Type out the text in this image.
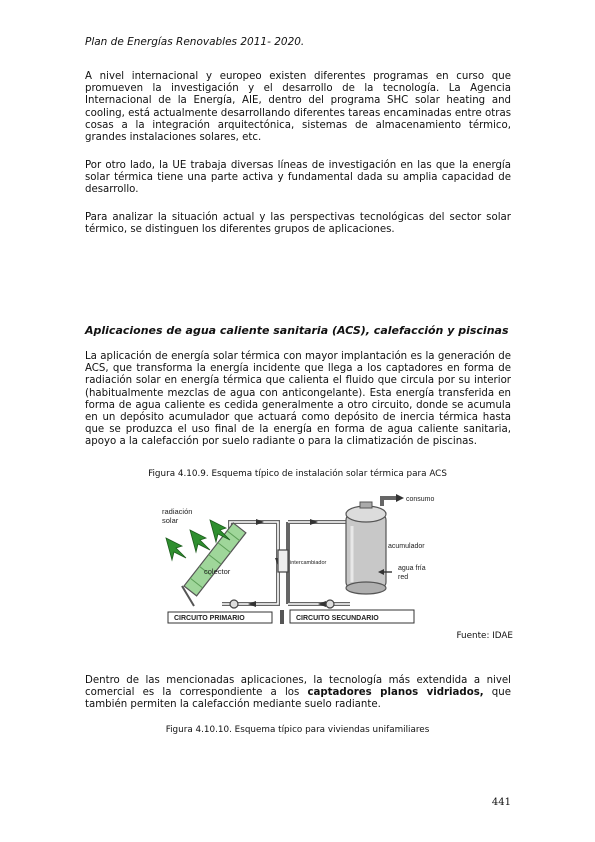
Plan de Energías Renovables 2011- 2020.

A nivel internacional y europeo existen diferentes programas en curso que promueven la investigación y el desarrollo de la tecnología. La Agencia Internacional de la Energía, AIE, dentro del programa SHC solar heating and cooling, está actualmente desarrollando diferentes tareas encaminadas entre otras cosas a la integración arquitectónica, sistemas de almacenamiento térmico, grandes instalaciones solares, etc.

Por otro lado, la UE trabaja diversas líneas de investigación en las que la energía solar térmica tiene una parte activa y fundamental dada su amplia capacidad de desarrollo.

Para analizar la situación actual y las perspectivas tecnológicas del sector solar térmico, se distinguen los diferentes grupos de aplicaciones.

Aplicaciones de agua caliente sanitaria (ACS), calefacción y piscinas

La aplicación de energía solar térmica con mayor implantación es la generación de ACS, que transforma la energía incidente que llega a los captadores en forma de radiación solar en energía térmica que calienta el fluido que circula por su interior (habitualmente mezclas de agua con anticongelante). Esta energía transferida en forma de agua caliente es cedida generalmente a otro circuito, donde se acumula en un depósito acumulador que actuará como depósito de inercia térmica hasta que se produzca el uso final de la energía en forma de agua caliente sanitaria, apoyo a la calefacción por suelo radiante o para la climatización de piscinas.

Figura 4.10.9. Esquema típico de instalación solar térmica para ACS
radiación
solar
colector
intercambiador
consumo
acumulador
agua fría
red
CIRCUITO PRIMARIO	CIRCUITO SECUNDARIO
Fuente: IDAE

Dentro de las mencionadas aplicaciones, la tecnología más extendida a nivel comercial es la correspondiente a los captadores planos vidriados, que también permiten la calefacción mediante suelo radiante.

Figura 4.10.10. Esquema típico para viviendas unifamiliares
441
